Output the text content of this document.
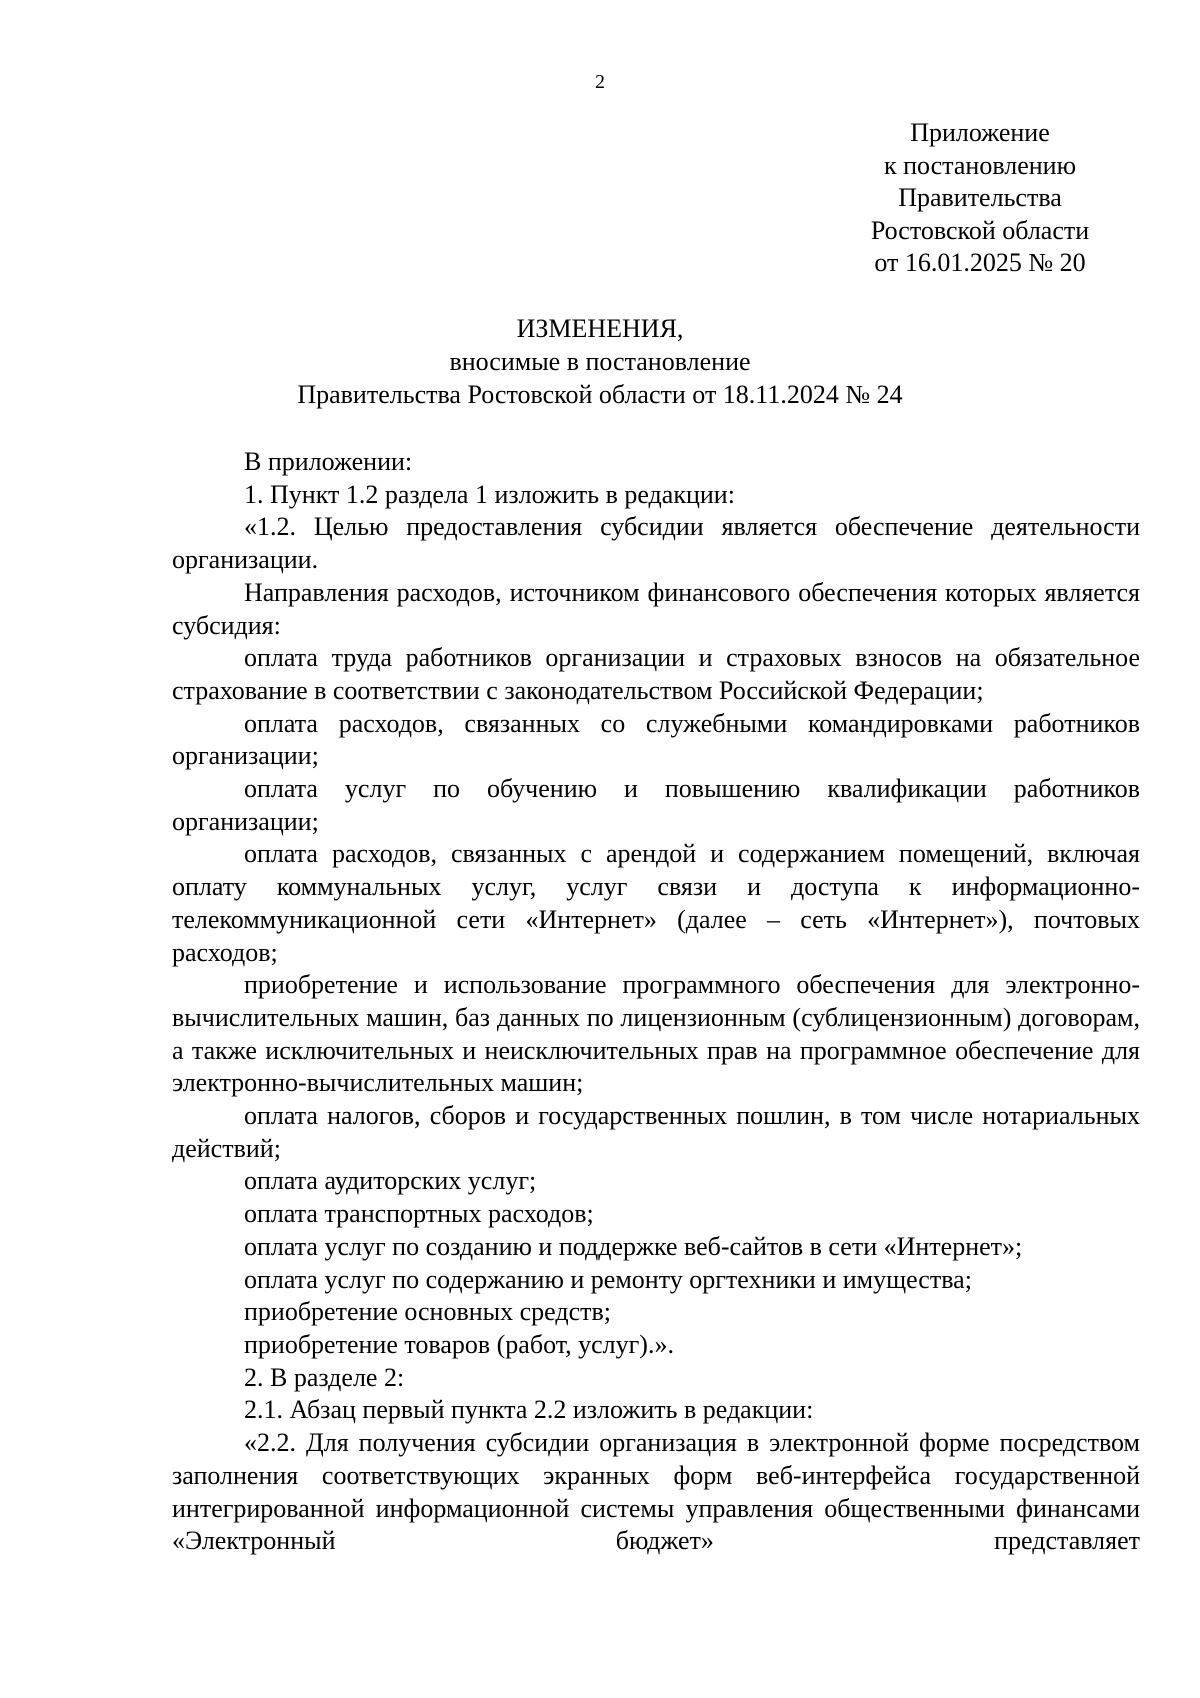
2
Приложение
к постановлению
Правительства
Ростовской области
от 16.01.2025 № 20
ИЗМЕНЕНИЯ,
вносимые в постановление
Правительства Ростовской области от 18.11.2024 № 24

В приложении:

1. Пункт 1.2 раздела 1 изложить в редакции:

«1.2. Целью предоставления субсидии является обеспечение деятельности организации.

Направления расходов, источником финансового обеспечения которых является субсидия:

оплата труда работников организации и страховых взносов на обязательное страхование в соответствии с законодательством Российской Федерации;

оплата расходов, связанных со служебными командировками работников организации;

оплата услуг по обучению и повышению квалификации работников организации;

оплата расходов, связанных с арендой и содержанием помещений, включая оплату коммунальных услуг, услуг связи и доступа к информационно-телекоммуникационной сети «Интернет» (далее – сеть «Интернет»), почтовых расходов;

приобретение и использование программного обеспечения для электронно-вычислительных машин, баз данных по лицензионным (сублицензионным) договорам, а также исключительных и неисключительных прав на программное обеспечение для электронно-вычислительных машин;

оплата налогов, сборов и государственных пошлин, в том числе нотариальных действий;

оплата аудиторских услуг;

оплата транспортных расходов;

оплата услуг по созданию и поддержке веб-сайтов в сети «Интернет»;

оплата услуг по содержанию и ремонту оргтехники и имущества;

приобретение основных средств;

приобретение товаров (работ, услуг).».

2. В разделе 2:

2.1. Абзац первый пункта 2.2 изложить в редакции:

«2.2. Для получения субсидии организация в электронной форме посредством заполнения соответствующих экранных форм веб-интерфейса государственной интегрированной информационной системы управления общественными финансами «Электронный бюджет» представляет
